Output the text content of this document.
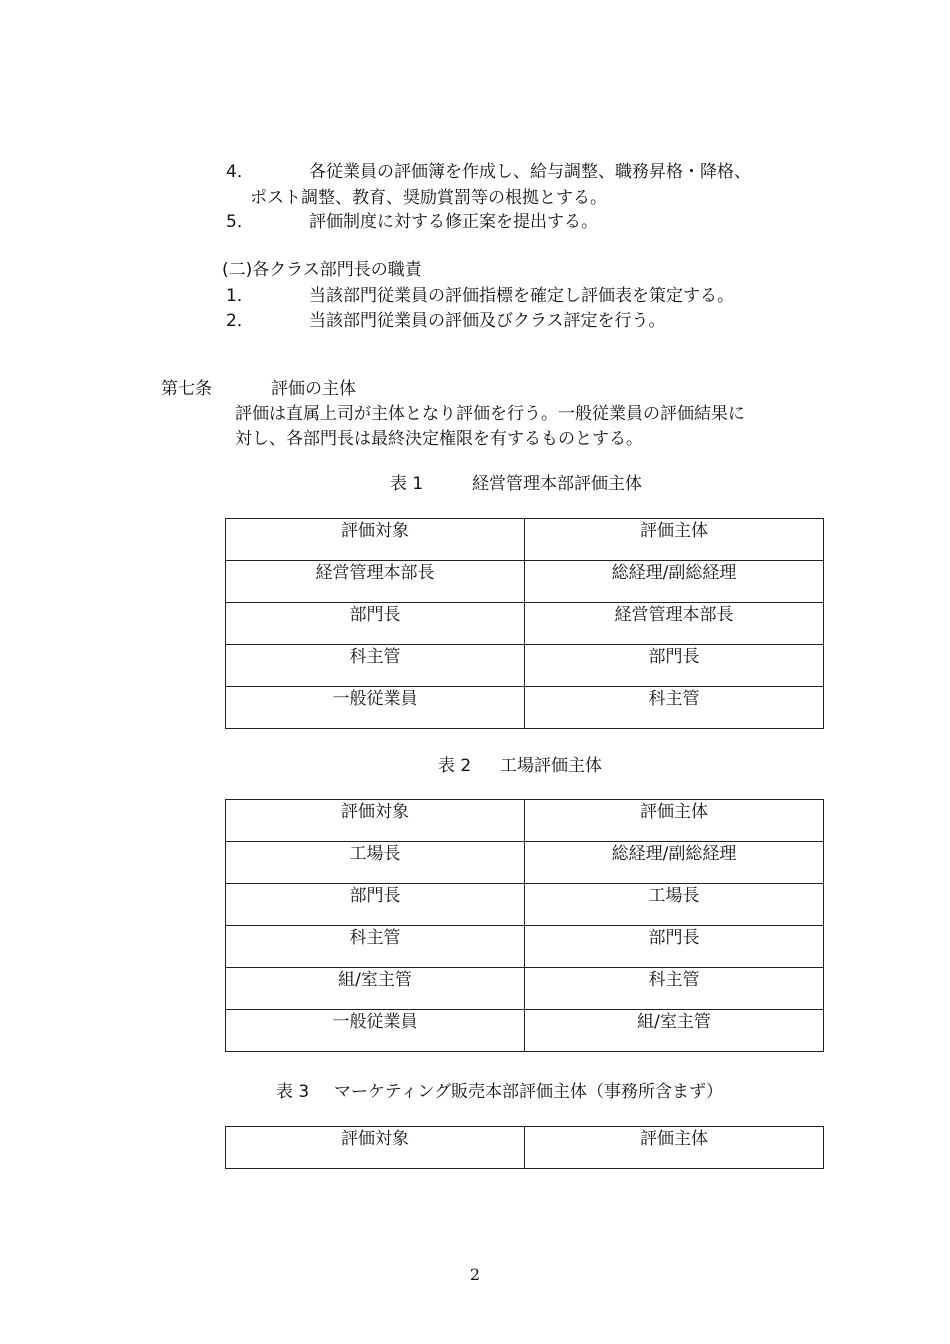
4．	各従業員の評価簿を作成し、給与調整、職務昇格・降格、
ポスト調整、教育、奨励賞罰等の根拠とする。
5．	評価制度に対する修正案を提出する。
(二)各クラス部門長の職責
1．	当該部門従業員の評価指標を確定し評価表を策定する。
2．	当該部門従業員の評価及びクラス評定を行う。
第七条	評価の主体
評価は直属上司が主体となり評価を行う。一般従業員の評価結果に
対し、各部門長は最終決定権限を有するものとする。
表 1	経営管理本部評価主体
評価対象	評価主体
経営管理本部長	総経理/副総経理
部門長	経営管理本部長
科主管	部門長
一般従業員	科主管
表 2 工場評価主体
評価対象	評価主体
工場長	総経理/副総経理
部門長	工場長
科主管	部門長
組/室主管	科主管
一般従業員	組/室主管
表 3 マーケティング販売本部評価主体（事務所含まず）
評価対象	評価主体
2
